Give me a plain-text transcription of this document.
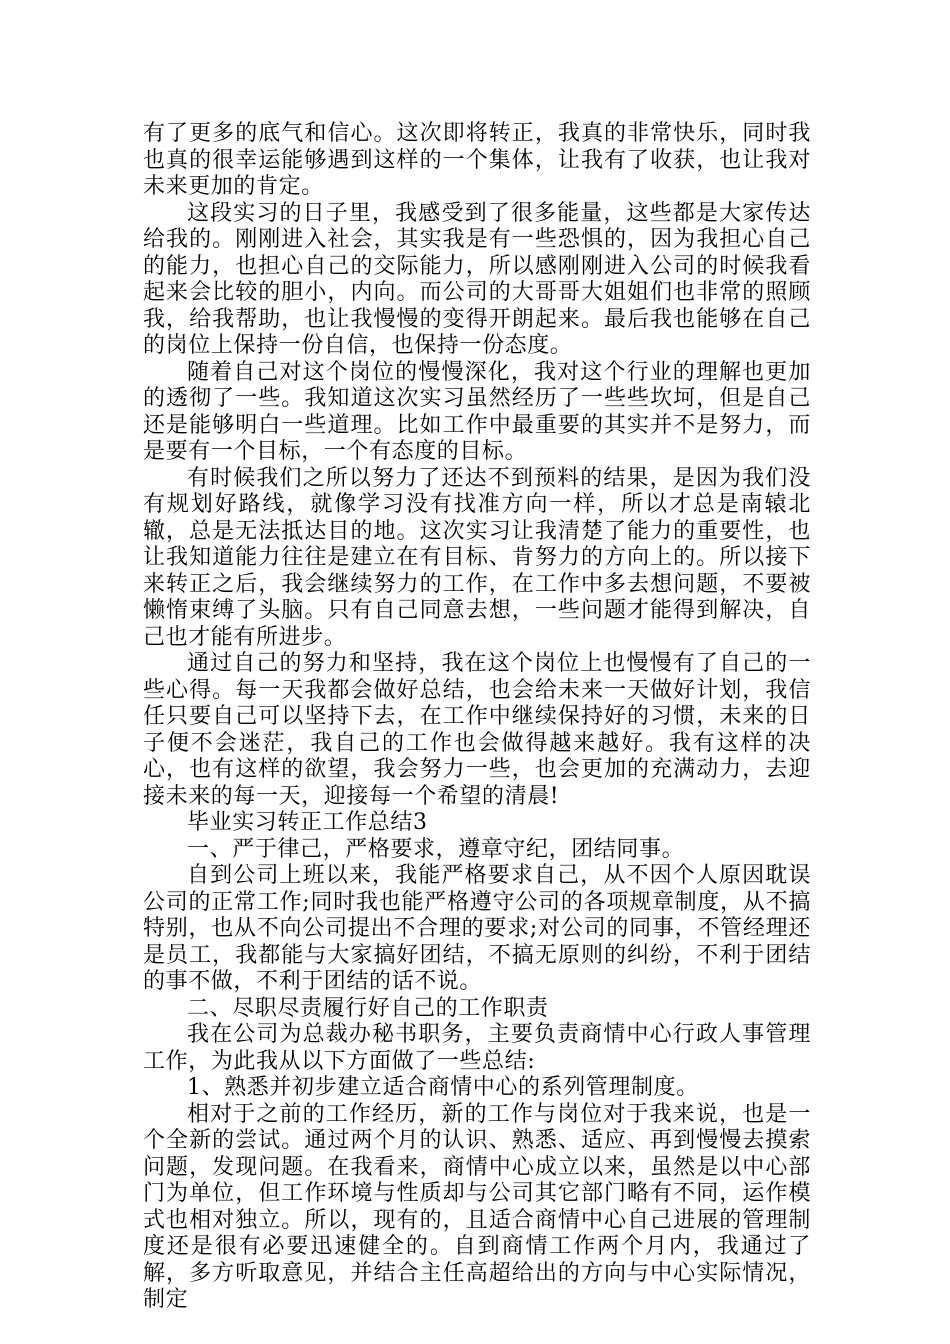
有了更多的底气和信心。这次即将转正，我真的非常快乐，同时我也真的很幸运能够遇到这样的一个集体，让我有了收获，也让我对未来更加的肯定。

这段实习的日子里，我感受到了很多能量，这些都是大家传达给我的。刚刚进入社会，其实我是有一些恐惧的，因为我担心自己的能力，也担心自己的交际能力，所以感刚刚进入公司的时候我看起来会比较的胆小，内向。而公司的大哥哥大姐姐们也非常的照顾我，给我帮助，也让我慢慢的变得开朗起来。最后我也能够在自己的岗位上保持一份自信，也保持一份态度。

随着自己对这个岗位的慢慢深化，我对这个行业的理解也更加的透彻了一些。我知道这次实习虽然经历了一些些坎坷，但是自己还是能够明白一些道理。比如工作中最重要的其实并不是努力，而是要有一个目标，一个有态度的目标。

有时候我们之所以努力了还达不到预料的结果，是因为我们没有规划好路线，就像学习没有找准方向一样，所以才总是南辕北辙，总是无法抵达目的地。这次实习让我清楚了能力的重要性，也让我知道能力往往是建立在有目标、肯努力的方向上的。所以接下来转正之后，我会继续努力的工作，在工作中多去想问题，不要被懒惰束缚了头脑。只有自己同意去想，一些问题才能得到解决，自己也才能有所进步。

通过自己的努力和坚持，我在这个岗位上也慢慢有了自己的一些心得。每一天我都会做好总结，也会给未来一天做好计划，我信任只要自己可以坚持下去，在工作中继续保持好的习惯，未来的日子便不会迷茫，我自己的工作也会做得越来越好。我有这样的决心，也有这样的欲望，我会努力一些，也会更加的充满动力，去迎接未来的每一天，迎接每一个希望的清晨!

毕业实习转正工作总结3

一、严于律己，严格要求，遵章守纪，团结同事。

自到公司上班以来，我能严格要求自己，从不因个人原因耽误公司的正常工作;同时我也能严格遵守公司的各项规章制度，从不搞特别，也从不向公司提出不合理的要求;对公司的同事，不管经理还是员工，我都能与大家搞好团结，不搞无原则的纠纷，不利于团结的事不做，不利于团结的话不说。

二、尽职尽责履行好自己的工作职责

我在公司为总裁办秘书职务，主要负责商情中心行政人事管理工作，为此我从以下方面做了一些总结:

1、熟悉并初步建立适合商情中心的系列管理制度。

相对于之前的工作经历，新的工作与岗位对于我来说，也是一个全新的尝试。通过两个月的认识、熟悉、适应、再到慢慢去摸索问题，发现问题。在我看来，商情中心成立以来，虽然是以中心部门为单位，但工作环境与性质却与公司其它部门略有不同，运作模式也相对独立。所以，现有的，且适合商情中心自己进展的管理制度还是很有必要迅速健全的。自到商情工作两个月内，我通过了解，多方听取意见，并结合主任高超给出的方向与中心实际情况，制定
